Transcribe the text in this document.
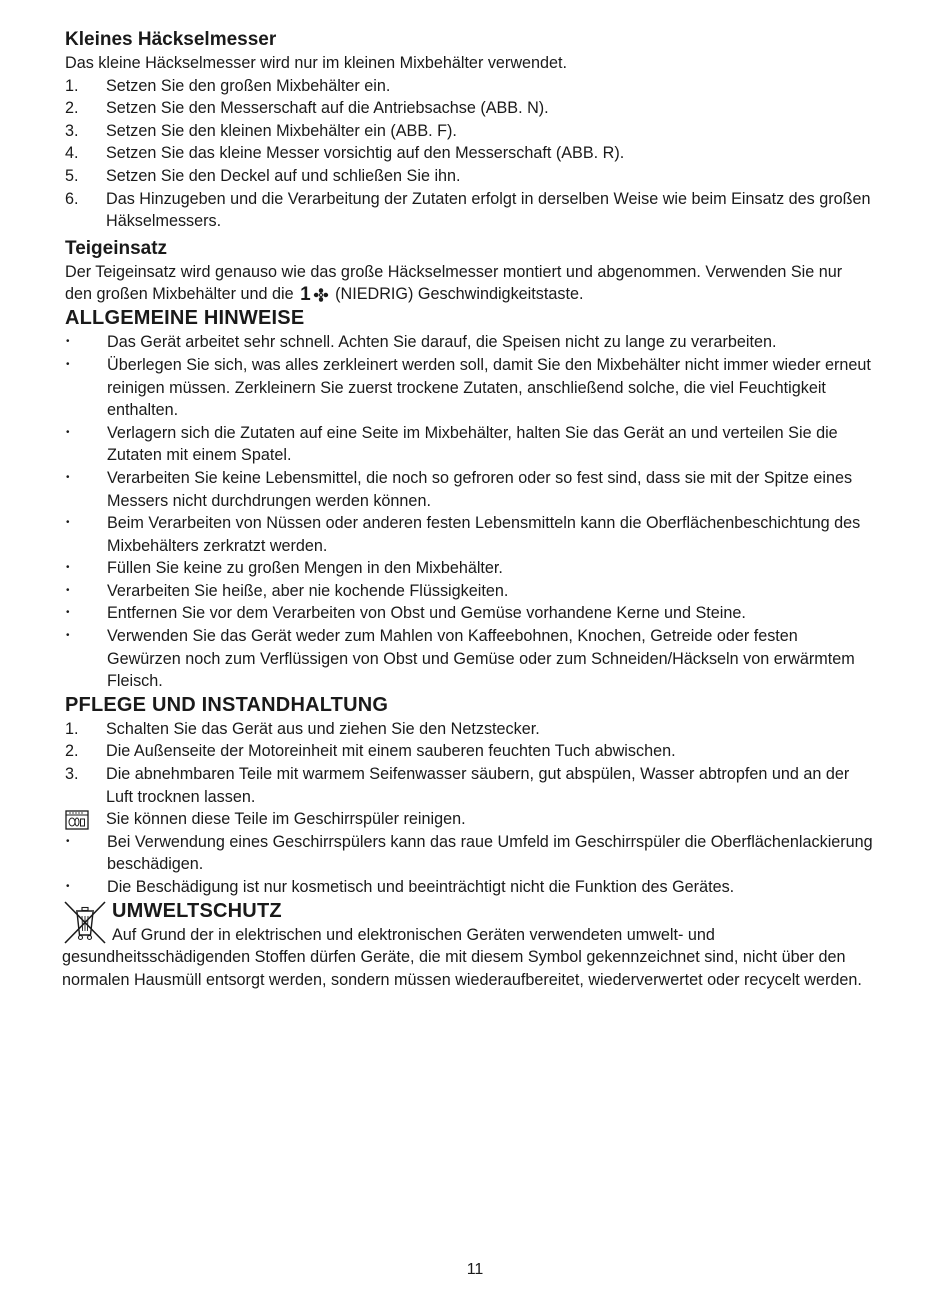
Kleines Häckselmesser

Das kleine Häckselmesser wird nur im kleinen Mixbehälter verwendet.

1.	Setzen Sie den großen Mixbehälter ein.
2.	Setzen Sie den Messerschaft auf die Antriebsachse (ABB. N).
3.	Setzen Sie den kleinen Mixbehälter ein (ABB. F).
4.	Setzen Sie das kleine Messer vorsichtig auf den Messerschaft (ABB. R).
5.	Setzen Sie den Deckel auf und schließen Sie ihn.
6.	Das Hinzugeben und die Verarbeitung der Zutaten erfolgt in derselben Weise wie beim Einsatz des großen Häkselmessers.
Teigeinsatz

Der Teigeinsatz wird genauso wie das große Häckselmesser montiert und abgenommen. Verwenden Sie nur den großen Mixbehälter und die 1 (NIEDRIG) Geschwindigkeitstaste.

ALLGEMEINE HINWEISE
•	Das Gerät arbeitet sehr schnell. Achten Sie darauf, die Speisen nicht zu lange zu verarbeiten.
•	Überlegen Sie sich, was alles zerkleinert werden soll, damit Sie den Mixbehälter nicht immer wieder erneut reinigen müssen. Zerkleinern Sie zuerst trockene Zutaten, anschließend solche, die viel Feuchtigkeit enthalten.
•	Verlagern sich die Zutaten auf eine Seite im Mixbehälter, halten Sie das Gerät an und verteilen Sie die Zutaten mit einem Spatel.
•	Verarbeiten Sie keine Lebensmittel, die noch so gefroren oder so fest sind, dass sie mit der Spitze eines Messers nicht durchdrungen werden können.
•	Beim Verarbeiten von Nüssen oder anderen festen Lebensmitteln kann die Oberflächenbeschichtung des Mixbehälters zerkratzt werden.
•	Füllen Sie keine zu großen Mengen in den Mixbehälter.
•	Verarbeiten Sie heiße, aber nie kochende Flüssigkeiten.
•	Entfernen Sie vor dem Verarbeiten von Obst und Gemüse vorhandene Kerne und Steine.
•	Verwenden Sie das Gerät weder zum Mahlen von Kaffeebohnen, Knochen, Getreide oder festen Gewürzen noch zum Verflüssigen von Obst und Gemüse oder zum Schneiden/Häckseln von erwärmtem Fleisch.
PFLEGE UND INSTANDHALTUNG
1.	Schalten Sie das Gerät aus und ziehen Sie den Netzstecker.
2.	Die Außenseite der Motoreinheit mit einem sauberen feuchten Tuch abwischen.
3.	Die abnehmbaren Teile mit warmem Seifenwasser säubern, gut abspülen, Wasser abtropfen und an der Luft trocknen lassen.
Sie können diese Teile im Geschirrspüler reinigen.
•	Bei Verwendung eines Geschirrspülers kann das raue Umfeld im Geschirrspüler die Oberflächenlackierung beschädigen.
•	Die Beschädigung ist nur kosmetisch und beeinträchtigt nicht die Funktion des Gerätes.
UMWELTSCHUTZ

Auf Grund der in elektrischen und elektronischen Geräten verwendeten umwelt- und

gesundheitsschädigenden Stoffen dürfen Geräte, die mit diesem Symbol gekennzeichnet sind, nicht über den normalen Hausmüll entsorgt werden, sondern müssen wiederaufbereitet, wiederverwertet oder recycelt werden.

11
